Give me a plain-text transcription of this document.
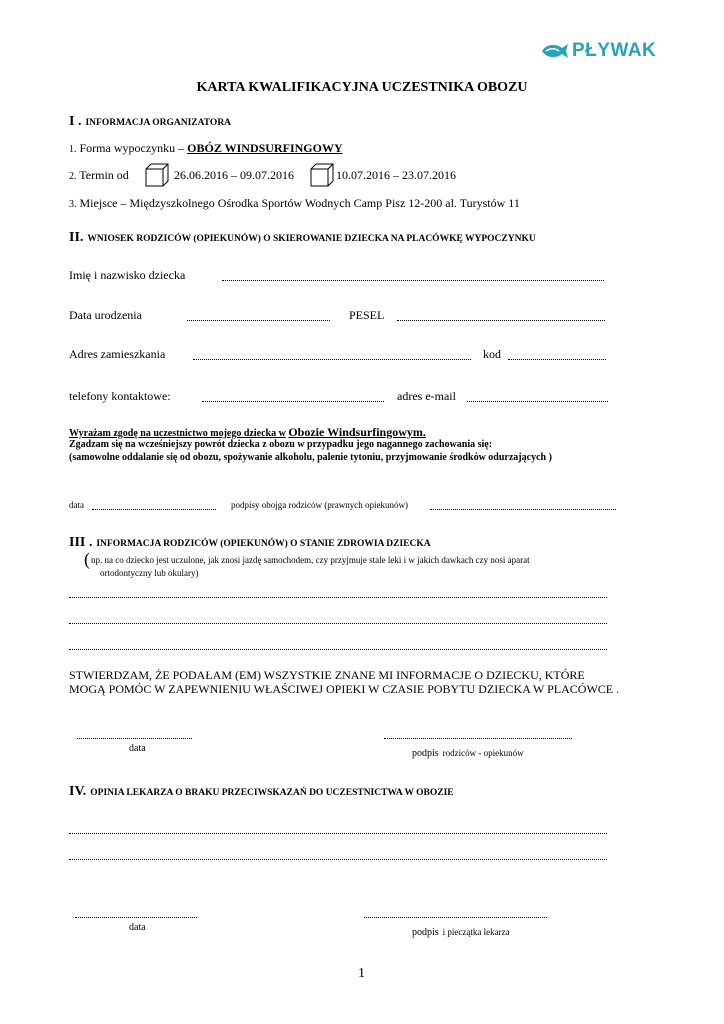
PŁYWAK
KARTA KWALIFIKACYJNA UCZESTNIKA OBOZU
I . INFORMACJA ORGANIZATORA
1. Forma wypoczynku – OBÓZ WINDSURFINGOWY
2. Termin od	26.06.2016 – 09.07.2016	10.07.2016 – 23.07.2016
3. Miejsce – Międzyszkolnego Ośrodka Sportów Wodnych Camp Pisz 12-200 al. Turystów 11
II. WNIOSEK RODZICÓW (OPIEKUNÓW) O SKIEROWANIE DZIECKA NA PLACÓWKĘ WYPOCZYNKU
Imię i nazwisko dziecka
Data urodzenia	PESEL
Adres zamieszkania	kod
telefony kontaktowe:	adres e-mail
Wyrażam zgodę na uczestnictwo mojego dziecka w Obozie Windsurfingowym.
Zgadzam się na wcześniejszy powrót dziecka z obozu w przypadku jego nagannego zachowania się:
(samowolne oddalanie się od obozu, spożywanie alkoholu, palenie tytoniu, przyjmowanie środków odurzających )
data	podpisy obojga rodziców (prawnych opiekunów)
III . INFORMACJA RODZICÓW (OPIEKUNÓW) O STANIE ZDROWIA DZIECKA
( np. na co dziecko jest uczulone, jak znosi jazdę samochodem, czy przyjmuje stale leki i w jakich dawkach czy nosi aparat
ortodontyczny lub okulary)
STWIERDZAM, ŻE PODAŁAM (EM) WSZYSTKIE ZNANE MI INFORMACJE O DZIECKU, KTÓRE
MOGĄ POMÓC W ZAPEWNIENIU WŁAŚCIWEJ OPIEKI W CZASIE POBYTU DZIECKA W PLACÓWCE .
data	podpis rodziców - opiekunów
IV. OPINIA LEKARZA O BRAKU PRZECIWSKAZAŃ DO UCZESTNICTWA W OBOZIE
data	podpis i pieczątka lekarza
1
